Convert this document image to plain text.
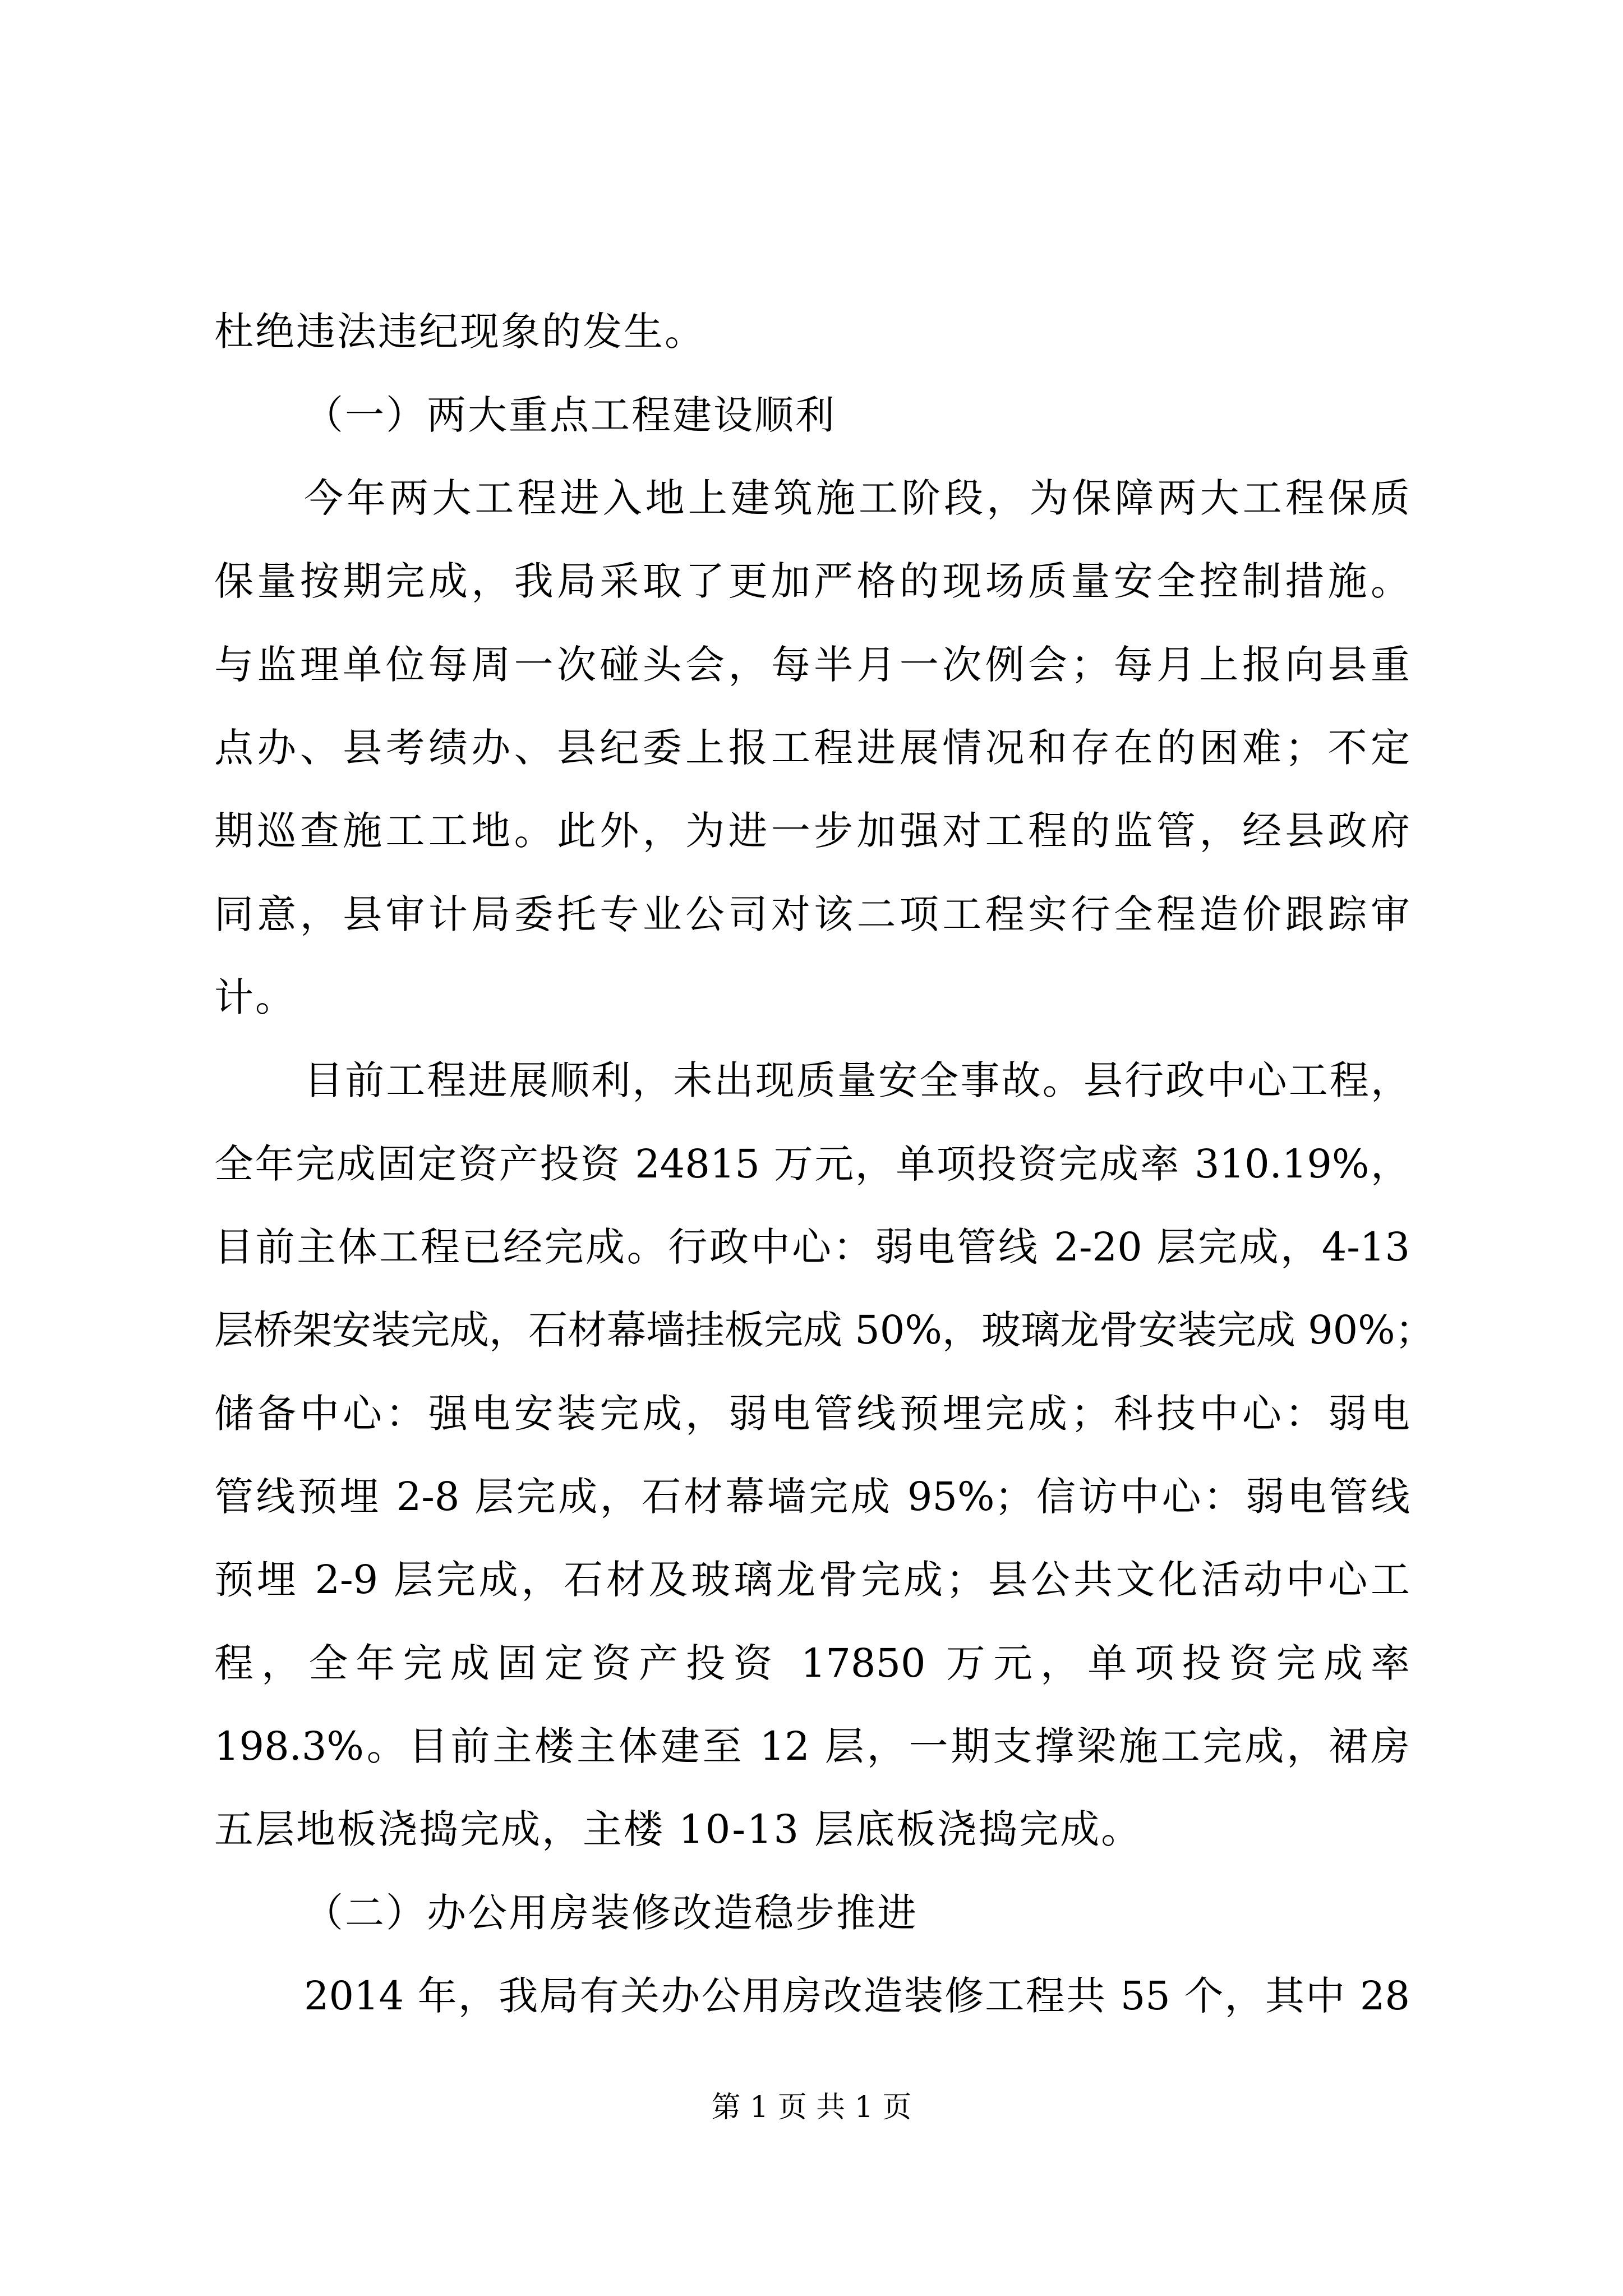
杜绝违法违纪现象的发生。

（一）两大重点工程建设顺利

今年两大工程进入地上建筑施工阶段，为保障两大工程保质

保量按期完成，我局采取了更加严格的现场质量安全控制措施。

与监理单位每周一次碰头会，每半月一次例会；每月上报向县重

点办、县考绩办、县纪委上报工程进展情况和存在的困难；不定

期巡查施工工地。此外，为进一步加强对工程的监管，经县政府

同意，县审计局委托专业公司对该二项工程实行全程造价跟踪审

计。

目前工程进展顺利，未出现质量安全事故。县行政中心工程，

全年完成固定资产投资 24815 万元，单项投资完成率 310.19%，

目前主体工程已经完成。行政中心：弱电管线 2-20 层完成，4-13

层桥架安装完成，石材幕墙挂板完成 50%，玻璃龙骨安装完成 90%；

储备中心：强电安装完成，弱电管线预埋完成；科技中心：弱电

管线预埋 2-8 层完成，石材幕墙完成 95%；信访中心：弱电管线

预埋 2-9 层完成，石材及玻璃龙骨完成；县公共文化活动中心工

程，全年完成固定资产投资 17850 万元，单项投资完成率

198.3%。目前主楼主体建至 12 层，一期支撑梁施工完成，裙房

五层地板浇捣完成，主楼 10-13 层底板浇捣完成。

（二）办公用房装修改造稳步推进

2014 年，我局有关办公用房改造装修工程共 55 个，其中 28

第 1 页 共 1 页
